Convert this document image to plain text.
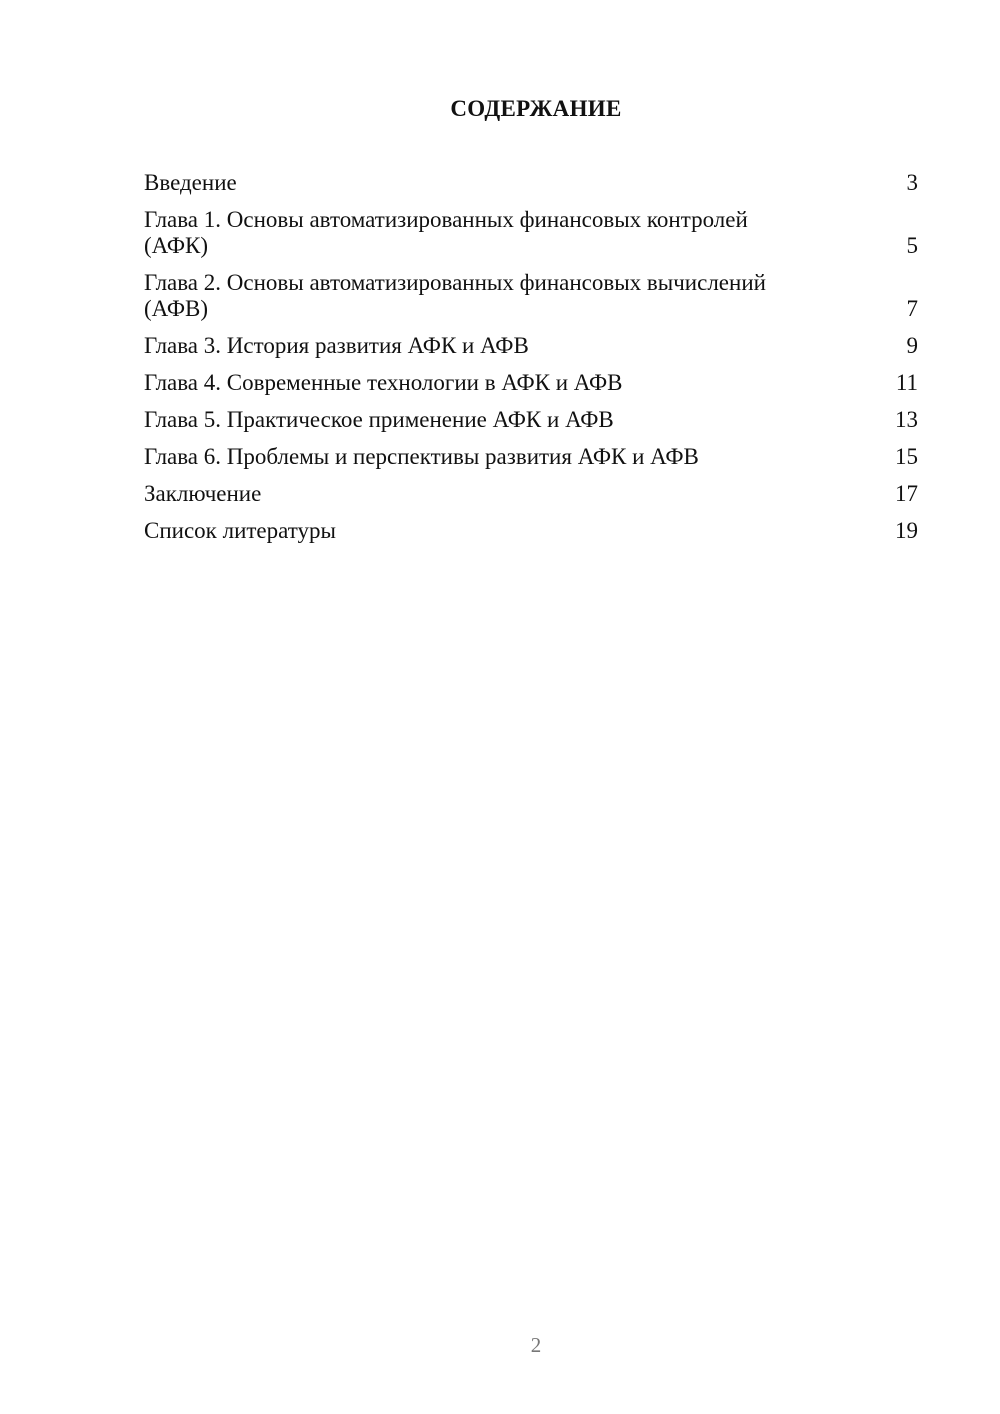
СОДЕРЖАНИЕ
Введение	3
Глава 1. Основы автоматизированных финансовых контролей
(АФК)	5
Глава 2. Основы автоматизированных финансовых вычислений
(АФВ)	7
Глава 3. История развития АФК и АФВ	9
Глава 4. Современные технологии в АФК и АФВ	11
Глава 5. Практическое применение АФК и АФВ	13
Глава 6. Проблемы и перспективы развития АФК и АФВ	15
Заключение	17
Список литературы	19
2
